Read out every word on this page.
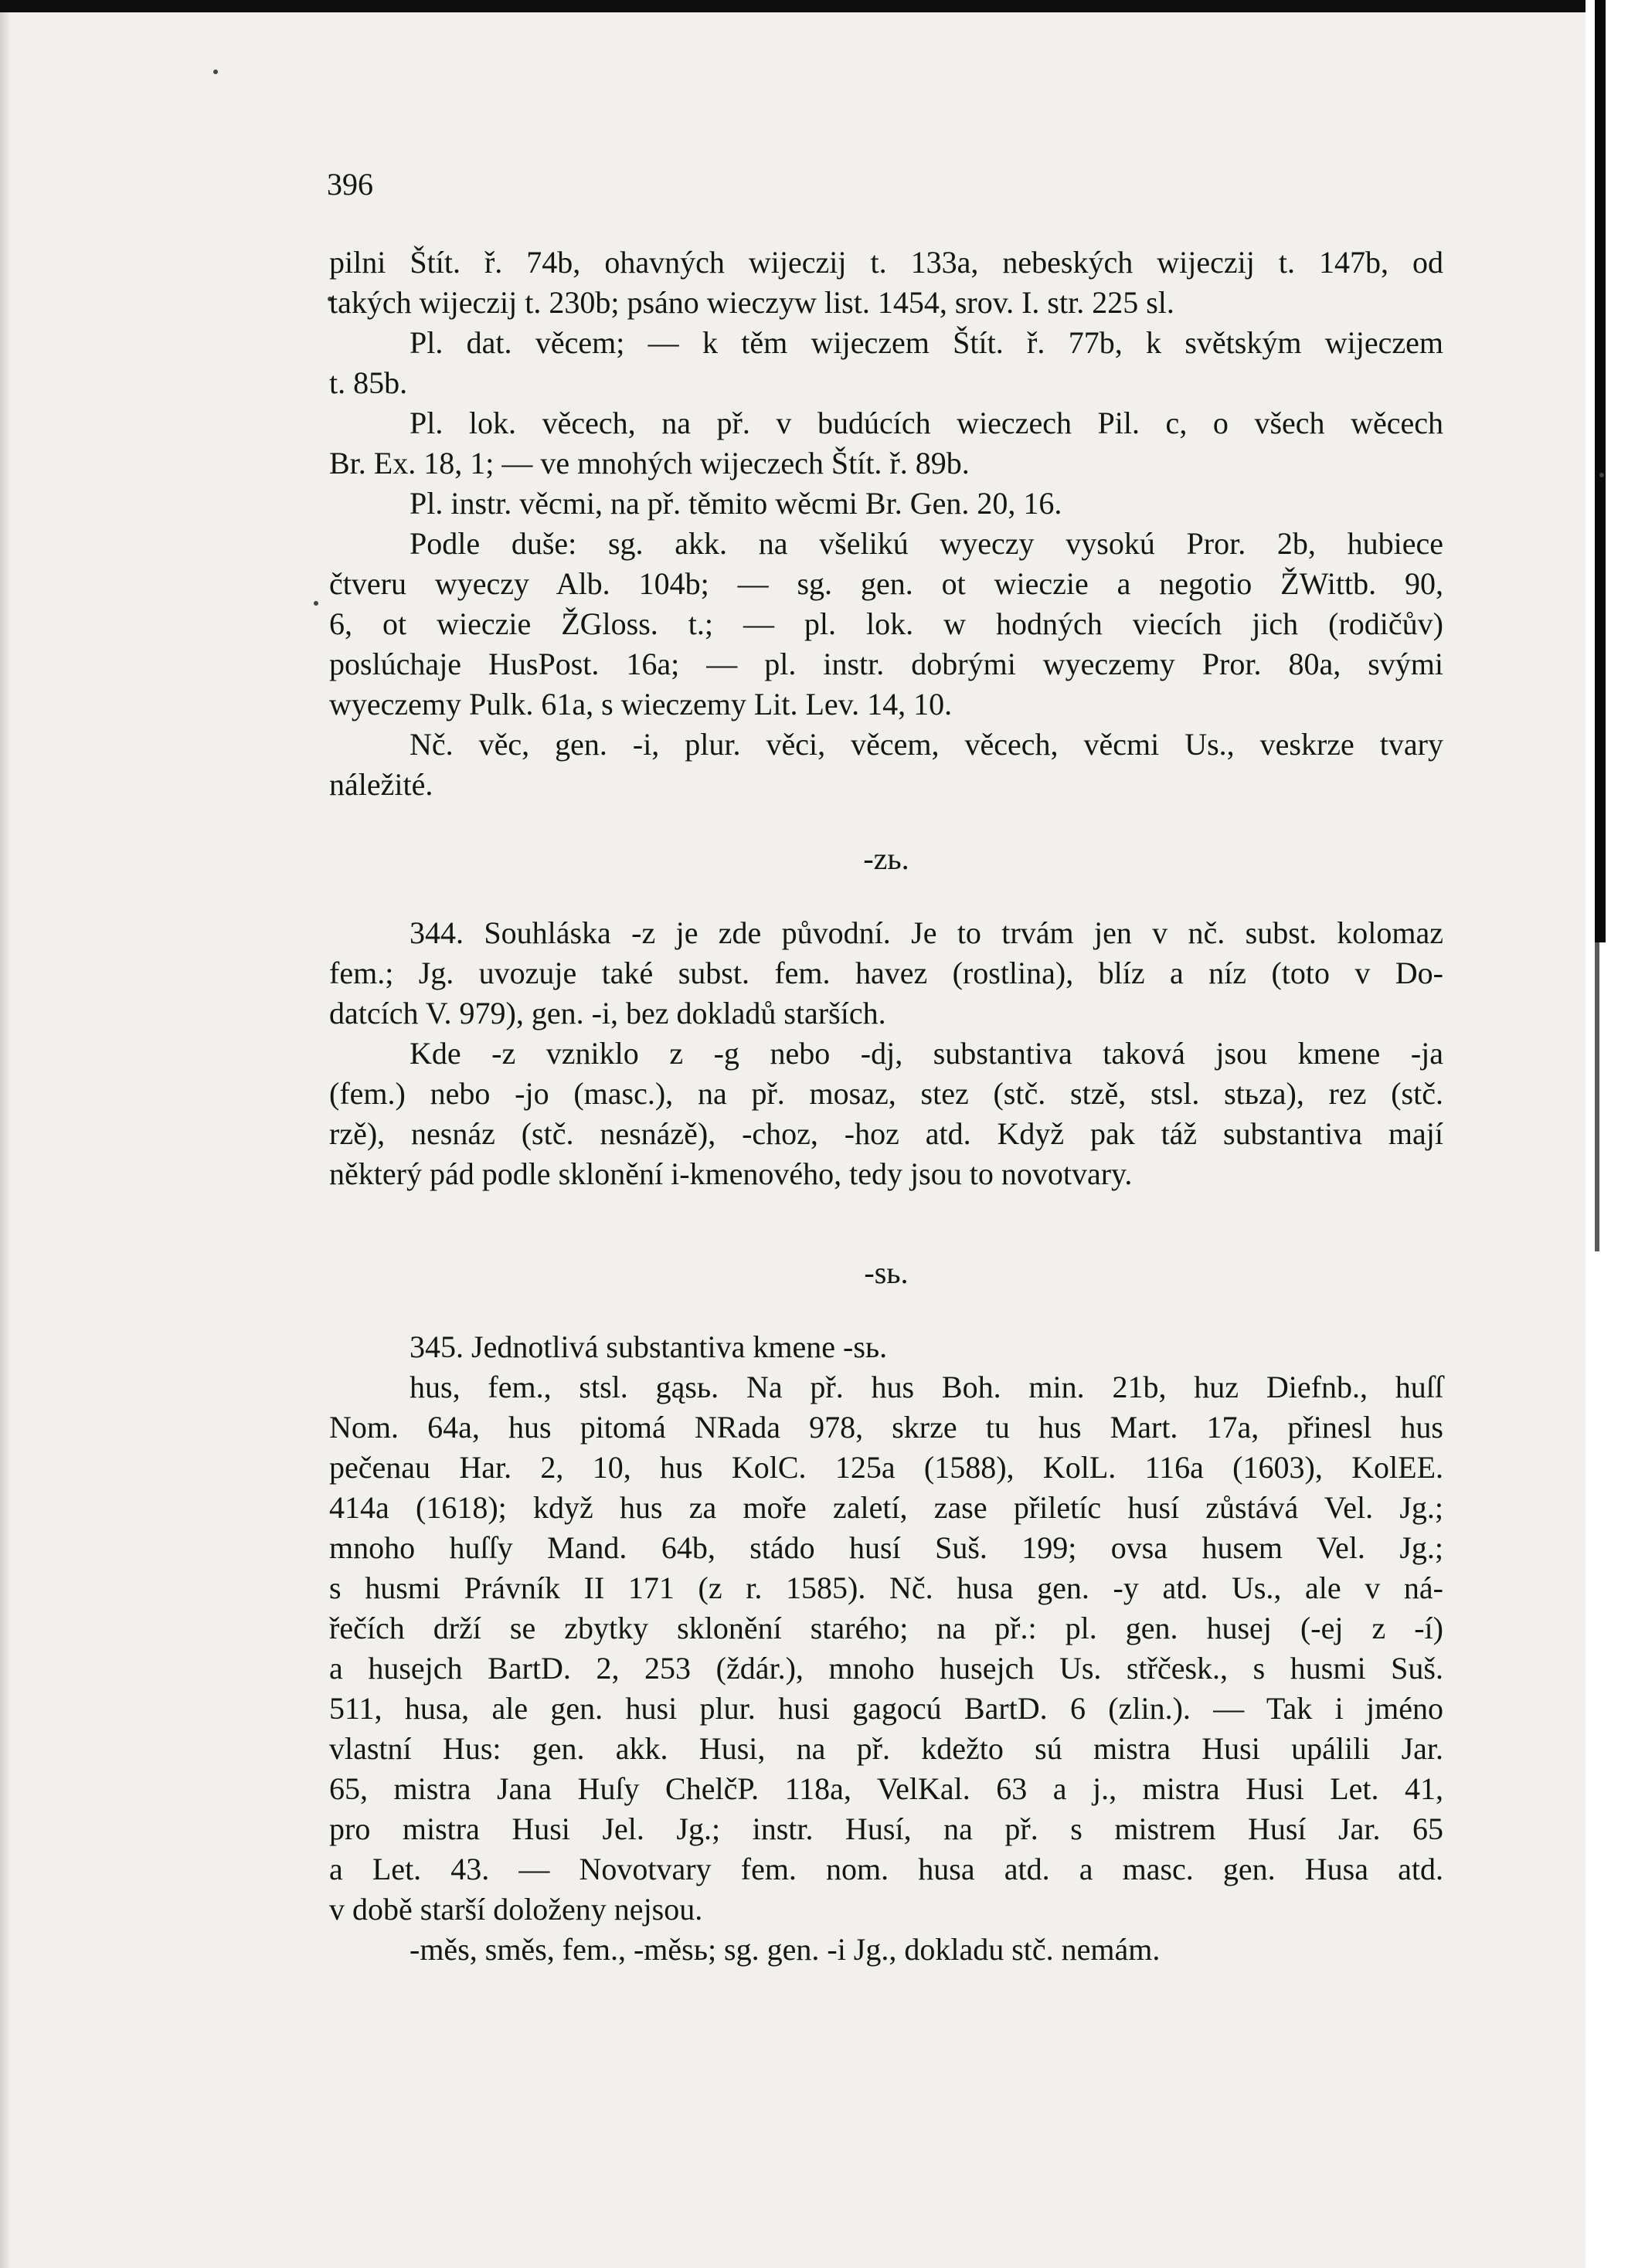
396
pilni Štít. ř. 74b, ohavných wijeczij t. 133a, nebeských wijeczij t. 147b, od
takých wijeczij t. 230b; psáno wieczyw list. 1454, srov. I. str. 225 sl.
Pl. dat. věcem; — k těm wijeczem Štít. ř. 77b, k světským wijeczem
t. 85b.
Pl. lok. věcech, na př. v budúcích wieczech Pil. c, o všech wěcech
Br. Ex. 18, 1; — ve mnohých wijeczech Štít. ř. 89b.
Pl. instr. věcmi, na př. těmito wěcmi Br. Gen. 20, 16.
Podle duše: sg. akk. na všelikú wyeczy vysokú Pror. 2b, hubiece
čtveru wyeczy Alb. 104b; — sg. gen. ot wieczie a negotio ŽWittb. 90,
6, ot wieczie ŽGloss. t.; — pl. lok. w hodných viecích jich (rodičův)
poslúchaje HusPost. 16a; — pl. instr. dobrými wyeczemy Pror. 80a, svými
wyeczemy Pulk. 61a, s wieczemy Lit. Lev. 14, 10.
Nč. věc, gen. -i, plur. věci, věcem, věcech, věcmi Us., veskrze tvary
náležité.
-zь.
344. Souhláska -z je zde původní. Je to trvám jen v nč. subst. kolomaz
fem.; Jg. uvozuje také subst. fem. havez (rostlina), blíz a níz (toto v Do-
datcích V. 979), gen. -i, bez dokladů starších.
Kde -z vzniklo z -g nebo -dj, substantiva taková jsou kmene -ja
(fem.) nebo -jo (masc.), na př. mosaz, stez (stč. stzě, stsl. stьza), rez (stč.
rzě), nesnáz (stč. nesnázě), -choz, -hoz atd. Když pak táž substantiva mají
některý pád podle sklonění i-kmenového, tedy jsou to novotvary.
-sь.
345. Jednotlivá substantiva kmene -sь.
hus, fem., stsl. gąsь. Na př. hus Boh. min. 21b, huz Diefnb., huſſ
Nom. 64a, hus pitomá NRada 978, skrze tu hus Mart. 17a, přinesl hus
pečenau Har. 2, 10, hus KolC. 125a (1588), KolL. 116a (1603), KolEE.
414a (1618); když hus za moře zaletí, zase přiletíc husí zůstává Vel. Jg.;
mnoho huſſy Mand. 64b, stádo husí Suš. 199; ovsa husem Vel. Jg.;
s husmi Právník II 171 (z r. 1585). Nč. husa gen. -y atd. Us., ale v ná-
řečích drží se zbytky sklonění starého; na př.: pl. gen. husej (-ej z -í)
a husejch BartD. 2, 253 (ždár.), mnoho husejch Us. střčesk., s husmi Suš.
511, husa, ale gen. husi plur. husi gagocú BartD. 6 (zlin.). — Tak i jméno
vlastní Hus: gen. akk. Husi, na př. kdežto sú mistra Husi upálili Jar.
65, mistra Jana Huſy ChelčP. 118a, VelKal. 63 a j., mistra Husi Let. 41,
pro mistra Husi Jel. Jg.; instr. Husí, na př. s mistrem Husí Jar. 65
a Let. 43. — Novotvary fem. nom. husa atd. a masc. gen. Husa atd.
v době starší doloženy nejsou.
-měs, směs, fem., -měsь; sg. gen. -i Jg., dokladu stč. nemám.
